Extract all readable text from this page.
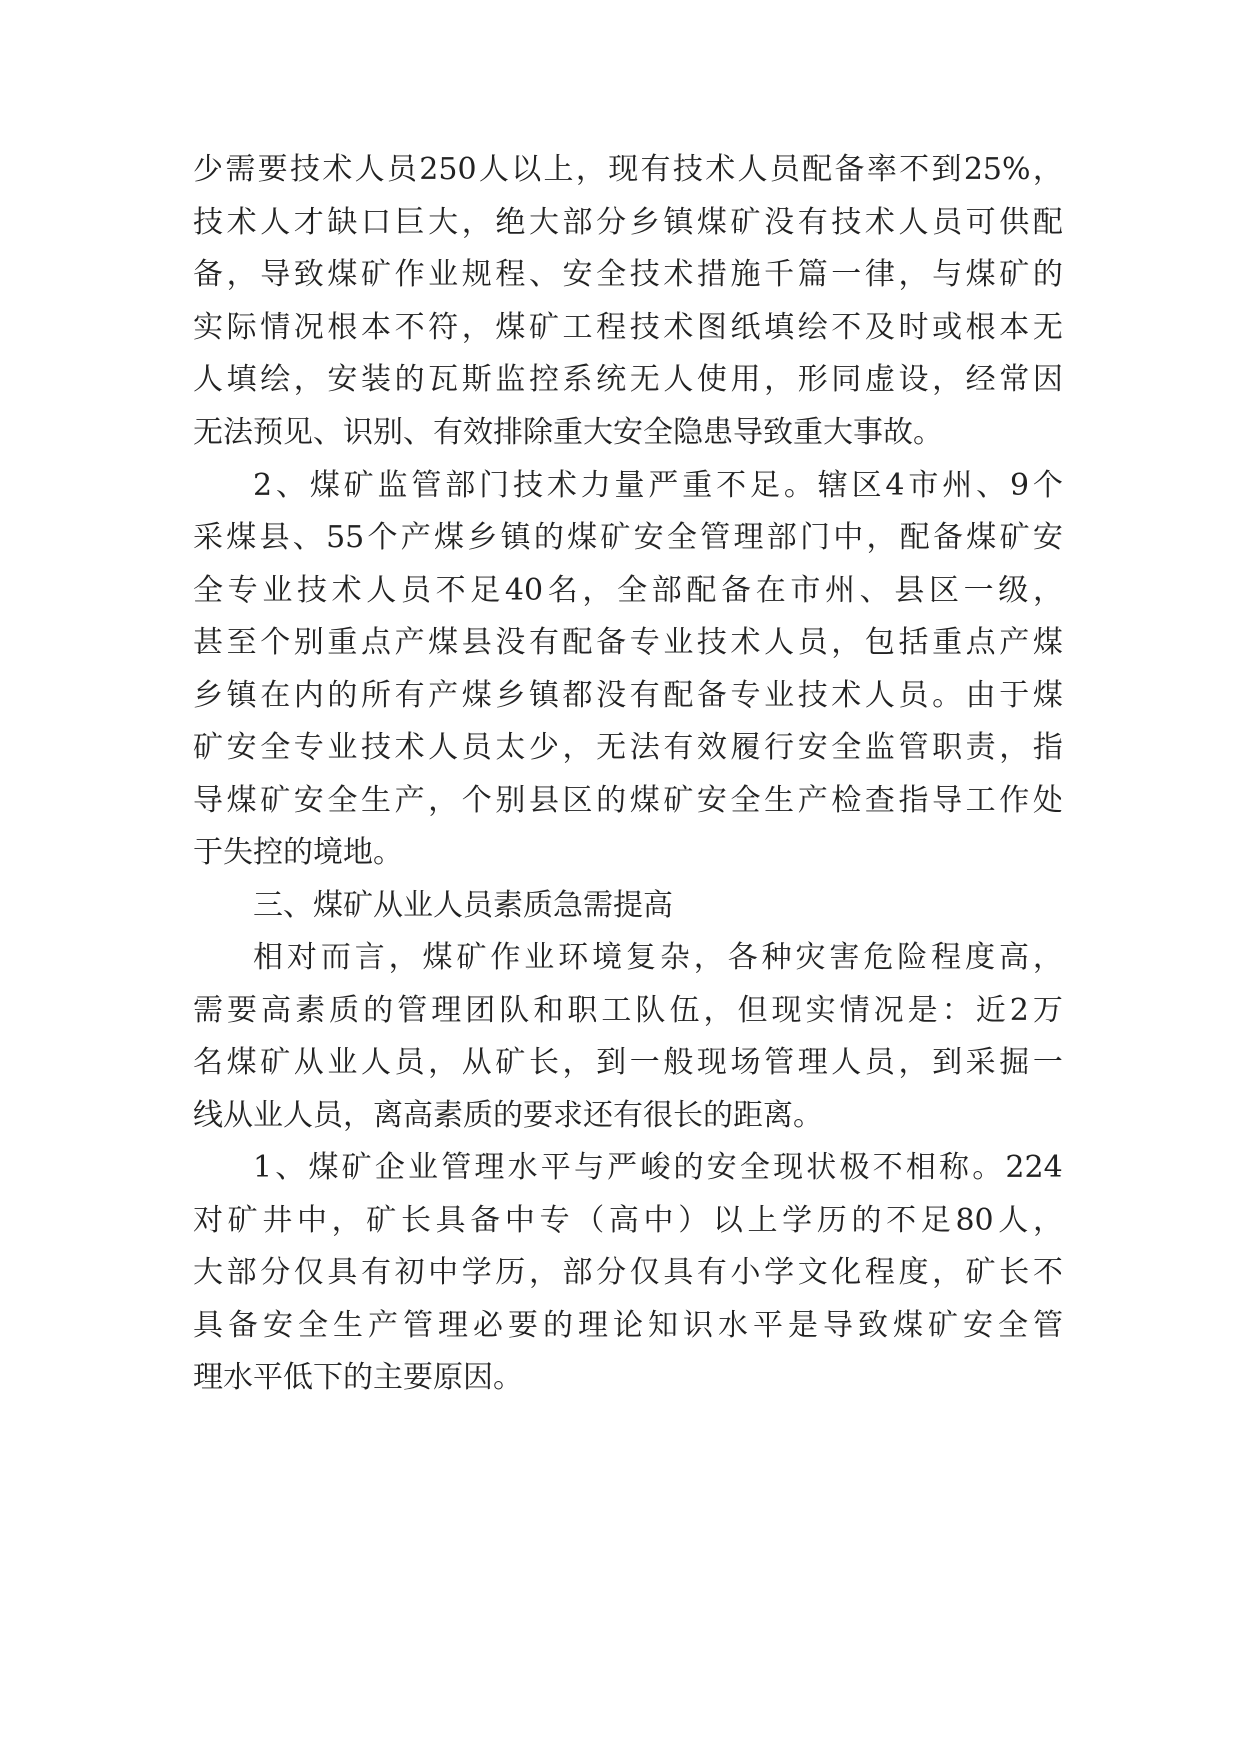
少 需 要 技 术 人 员 250 人 以 上 ， 现 有 技 术 人 员 配 备 率 不 到 25% ，
技 术 人 才 缺 口 巨 大 ， 绝 大 部 分 乡 镇 煤 矿 没 有 技 术 人 员 可 供 配
备 ， 导 致 煤 矿 作 业 规 程 、 安 全 技 术 措 施 千 篇 一 律 ， 与 煤 矿 的
实 际 情 况 根 本 不 符 ， 煤 矿 工 程 技 术 图 纸 填 绘 不 及 时 或 根 本 无
人 填 绘 ， 安 装 的 瓦 斯 监 控 系 统 无 人 使 用 ， 形 同 虚 设 ， 经 常 因
无法预见、识别、有效排除重大安全隐患导致重大事故。
2 、 煤 矿 监 管 部 门 技 术 力 量 严 重 不 足 。 辖 区 4 市 州 、 9 个
采 煤 县 、 55 个 产 煤 乡 镇 的 煤 矿 安 全 管 理 部 门 中 ， 配 备 煤 矿 安
全 专 业 技 术 人 员 不 足 40 名 ， 全 部 配 备 在 市 州 、 县 区 一 级 ，
甚 至 个 别 重 点 产 煤 县 没 有 配 备 专 业 技 术 人 员 ， 包 括 重 点 产 煤
乡 镇 在 内 的 所 有 产 煤 乡 镇 都 没 有 配 备 专 业 技 术 人 员 。 由 于 煤
矿 安 全 专 业 技 术 人 员 太 少 ， 无 法 有 效 履 行 安 全 监 管 职 责 ， 指
导 煤 矿 安 全 生 产 ， 个 别 县 区 的 煤 矿 安 全 生 产 检 查 指 导 工 作 处
于失控的境地。
三、煤矿从业人员素质急需提高
相 对 而 言 ， 煤 矿 作 业 环 境 复 杂 ， 各 种 灾 害 危 险 程 度 高 ，
需 要 高 素 质 的 管 理 团 队 和 职 工 队 伍 ， 但 现 实 情 况 是 ： 近 2 万
名 煤 矿 从 业 人 员 ， 从 矿 长 ， 到 一 般 现 场 管 理 人 员 ， 到 采 掘 一
线从业人员，离高素质的要求还有很长的距离。
1 、 煤 矿 企 业 管 理 水 平 与 严 峻 的 安 全 现 状 极 不 相 称 。 224
对 矿 井 中 ， 矿 长 具 备 中 专 （ 高 中 ） 以 上 学 历 的 不 足 80 人 ，
大 部 分 仅 具 有 初 中 学 历 ， 部 分 仅 具 有 小 学 文 化 程 度 ， 矿 长 不
具 备 安 全 生 产 管 理 必 要 的 理 论 知 识 水 平 是 导 致 煤 矿 安 全 管
理水平低下的主要原因。
